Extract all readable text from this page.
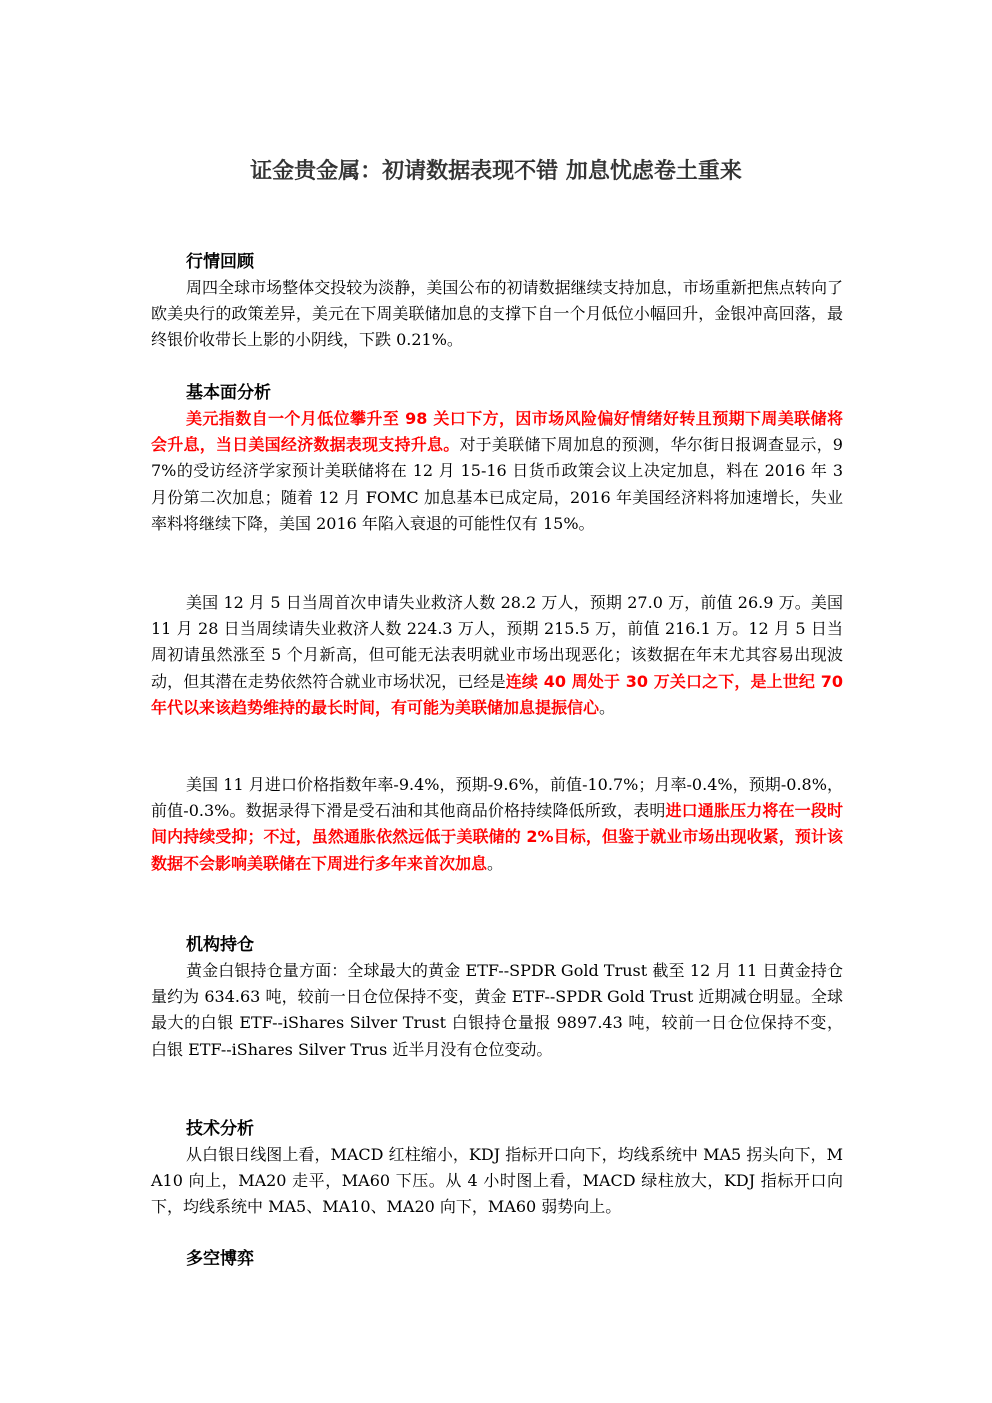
证金贵金属：初请数据表现不错 加息忧虑卷土重来
行情回顾

周四全球市场整体交投较为淡静，美国公布的初请数据继续支持加息，市场重新把焦点转向了欧美央行的政策差异，美元在下周美联储加息的支撑下自一个月低位小幅回升，金银冲高回落，最终银价收带长上影的小阴线，下跌 0.21%。

基本面分析

美元指数自一个月低位攀升至 98 关口下方，因市场风险偏好情绪好转且预期下周美联储将会升息，当日美国经济数据表现支持升息。对于美联储下周加息的预测，华尔街日报调查显示，97%的受访经济学家预计美联储将在 12 月 15-16 日货币政策会议上决定加息，料在 2016 年 3 月份第二次加息；随着 12 月 FOMC 加息基本已成定局，2016 年美国经济料将加速增长，失业率料将继续下降，美国 2016 年陷入衰退的可能性仅有 15%。

美国 12 月 5 日当周首次申请失业救济人数 28.2 万人，预期 27.0 万，前值 26.9 万。美国 11 月 28 日当周续请失业救济人数 224.3 万人，预期 215.5 万，前值 216.1 万。12 月 5 日当周初请虽然涨至 5 个月新高，但可能无法表明就业市场出现恶化；该数据在年末尤其容易出现波动，但其潜在走势依然符合就业市场状况，已经是连续 40 周处于 30 万关口之下，是上世纪 70 年代以来该趋势维持的最长时间，有可能为美联储加息提振信心。

美国 11 月进口价格指数年率-9.4%，预期-9.6%，前值-10.7%；月率-0.4%，预期-0.8%，前值-0.3%。数据录得下滑是受石油和其他商品价格持续降低所致，表明进口通胀压力将在一段时间内持续受抑；不过，虽然通胀依然远低于美联储的 2%目标，但鉴于就业市场出现收紧，预计该数据不会影响美联储在下周进行多年来首次加息。

机构持仓

黄金白银持仓量方面：全球最大的黄金 ETF--SPDR Gold Trust 截至 12 月 11 日黄金持仓量约为 634.63 吨，较前一日仓位保持不变，黄金 ETF--SPDR Gold Trust 近期减仓明显。全球最大的白银 ETF--iShares Silver Trust 白银持仓量报 9897.43 吨，较前一日仓位保持不变，白银 ETF--iShares Silver Trus 近半月没有仓位变动。

技术分析

从白银日线图上看，MACD 红柱缩小，KDJ 指标开口向下，均线系统中 MA5 拐头向下，MA10 向上，MA20 走平，MA60 下压。从 4 小时图上看，MACD 绿柱放大，KDJ 指标开口向下，均线系统中 MA5、MA10、MA20 向下，MA60 弱势向上。

多空博弈
